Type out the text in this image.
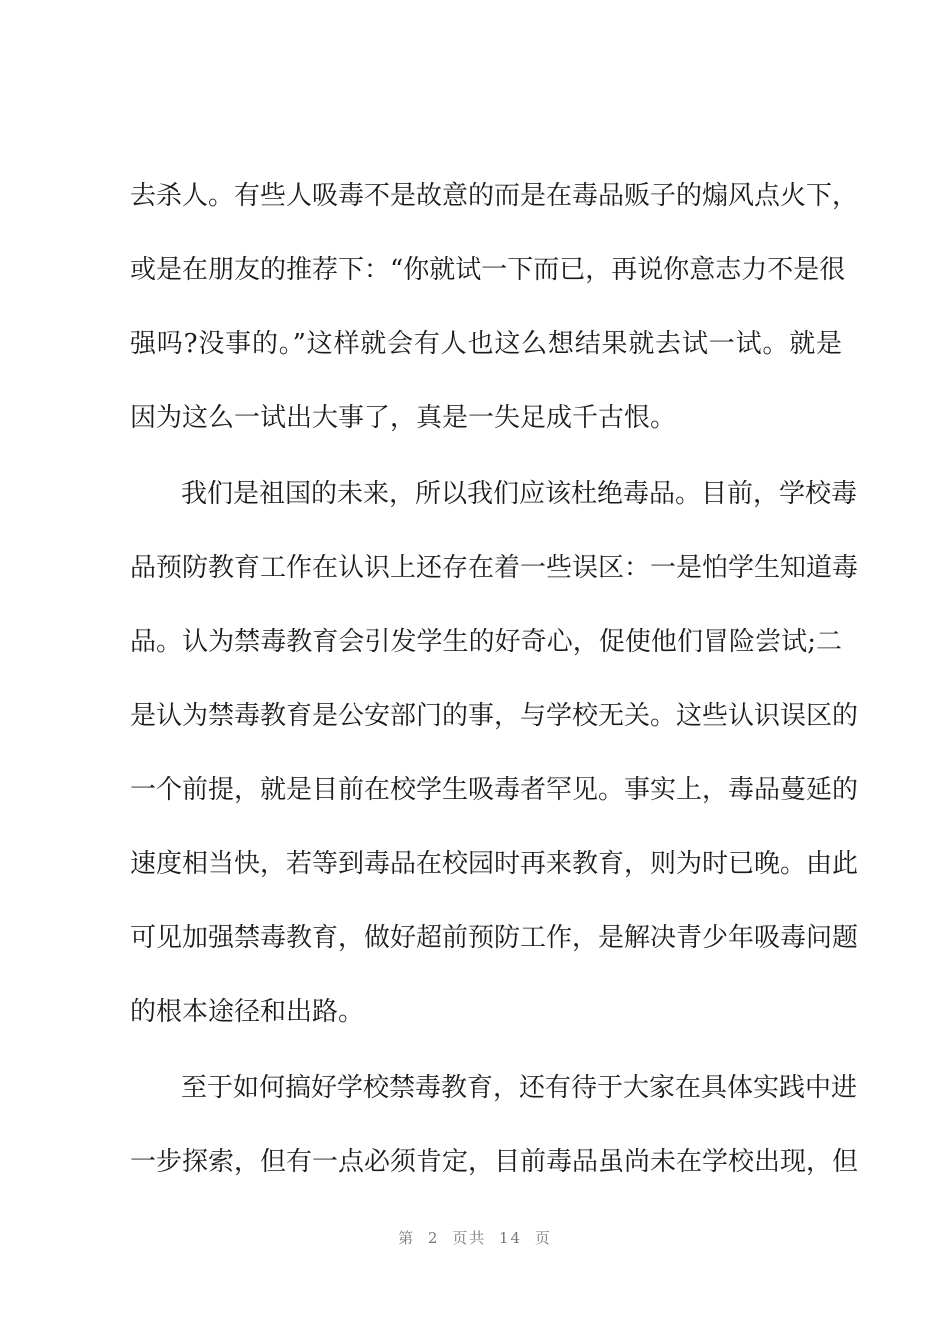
去杀人。有些人吸毒不是故意的而是在毒品贩子的煽风点火下，
或是在朋友的推荐下：“你就试一下而已，再说你意志力不是很
强吗?没事的。”这样就会有人也这么想结果就去试一试。就是
因为这么一试出大事了，真是一失足成千古恨。
我们是祖国的未来，所以我们应该杜绝毒品。目前，学校毒
品预防教育工作在认识上还存在着一些误区：一是怕学生知道毒
品。认为禁毒教育会引发学生的好奇心，促使他们冒险尝试;二
是认为禁毒教育是公安部门的事，与学校无关。这些认识误区的
一个前提，就是目前在校学生吸毒者罕见。事实上，毒品蔓延的
速度相当快，若等到毒品在校园时再来教育，则为时已晚。由此
可见加强禁毒教育，做好超前预防工作，是解决青少年吸毒问题
的根本途径和出路。
至于如何搞好学校禁毒教育，还有待于大家在具体实践中进
一步探索，但有一点必须肯定，目前毒品虽尚未在学校出现，但
第 2 页共 14 页
